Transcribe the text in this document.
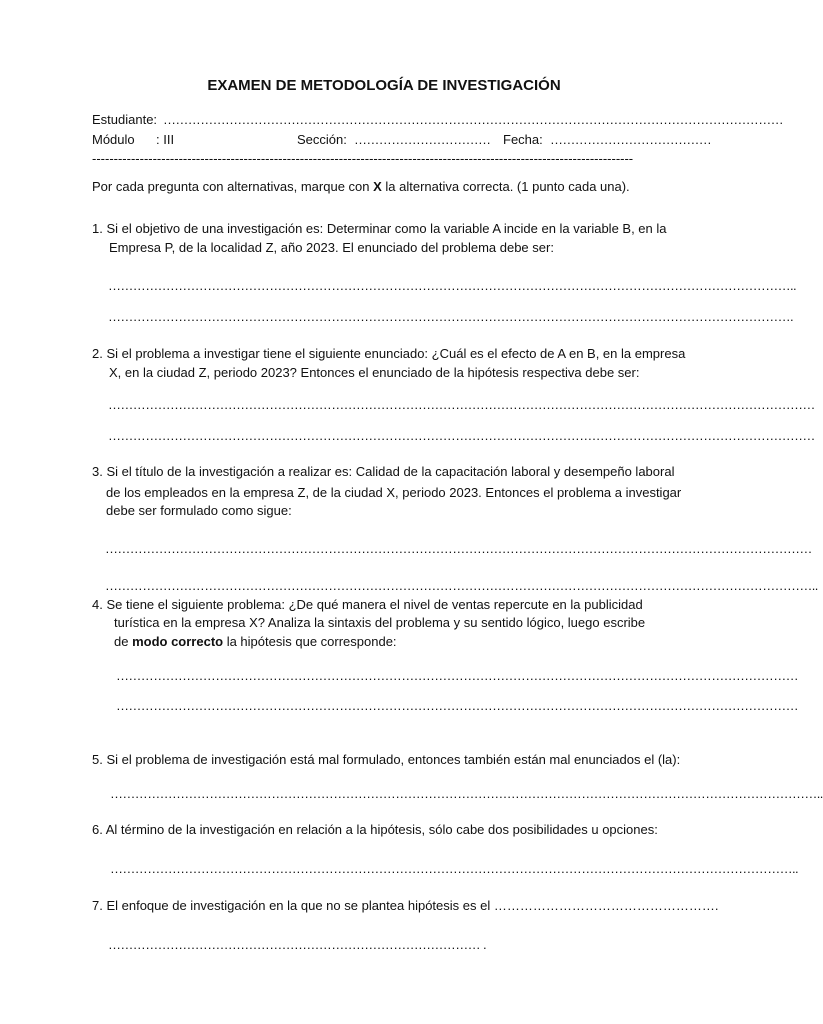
EXAMEN DE METODOLOGÍA DE INVESTIGACIÓN
Estudiante: ……………………………………………………………………………………………………………………………………
Módulo : III	Sección: …………………………… Fecha: …………………………………
-----------------------------------------------------------------------------------------------------------------------------
Por cada pregunta con alternativas, marque con X la alternativa correcta. (1 punto cada una).
1. Si el objetivo de una investigación es: Determinar como la variable A incide en la variable B, en la
Empresa P, de la localidad Z, año 2023. El enunciado del problema debe ser:
…………………………………………………………………………………………………………………………………………………..
………………………………………………………………………………………………………………………………………………….
2. Si el problema a investigar tiene el siguiente enunciado: ¿Cuál es el efecto de A en B, en la empresa
X, en la ciudad Z, periodo 2023? Entonces el enunciado de la hipótesis respectiva debe ser:
………………………………………………………………………………………………………………………………………………………
………………………………………………………………………………………………………………………………………………………
3. Si el título de la investigación a realizar es: Calidad de la capacitación laboral y desempeño laboral
de los empleados en la empresa Z, de la ciudad X, periodo 2023. Entonces el problema a investigar
debe ser formulado como sigue:
………………………………………………………………………………………………………………………………………………………
………………………………………………………………………………………………………………………………………………………..
4. Se tiene el siguiente problema: ¿De qué manera el nivel de ventas repercute en la publicidad
turística en la empresa X? Analiza la sintaxis del problema y su sentido lógico, luego escribe
de modo correcto la hipótesis que corresponde:
…………………………………………………………………………………………………………………………………………………
…………………………………………………………………………………………………………………………………………………
5. Si el problema de investigación está mal formulado, entonces también están mal enunciados el (la):
………………………………………………………………………………………………………………………………………………………..
6. Al término de la investigación en relación a la hipótesis, sólo cabe dos posibilidades u opciones:
…………………………………………………………………………………………………………………………………………………..
7. El enfoque de investigación en la que no se plantea hipótesis es el …………………………………………….
……………………………………………………………………………… .
